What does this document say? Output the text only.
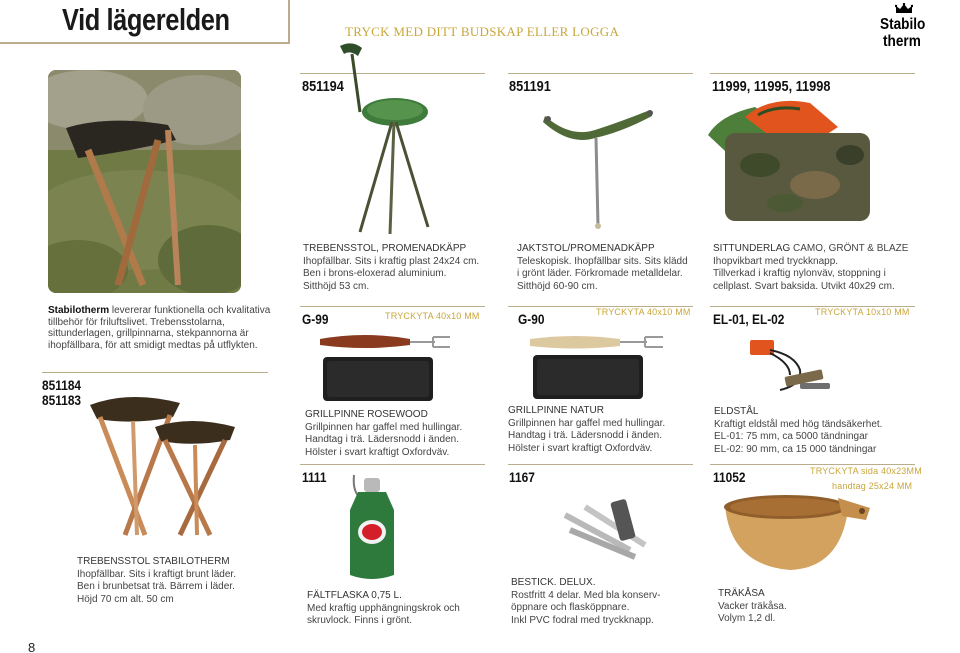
Vid lägerelden	TRYCK MED DITT BUDSKAP ELLER LOGGA	Stabilo
therm
Stabilotherm levererar funktionella och kvalitativa tillbehör för friluftslivet. Trebensstolarna, sittunderlagen, grillpinnarna, stekpannorna är ihopfällbara, för att smidigt medtas på utflykten.
851184
851183
TREBENSSTOL STABILOTHERM
Ihopfällbar. Sits i kraftigt brunt läder.
Ben i brunbetsat trä. Bärrem i läder.
Höjd 70 cm alt. 50 cm
851194
TREBENSSTOL, PROMENADKÄPP
Ihopfällbar. Sits i kraftig plast 24x24 cm.
Ben i brons-eloxerad aluminium.
Sitthöjd 53 cm.
G-99	TRYCKYTA 40x10 MM
GRILLPINNE ROSEWOOD
Grillpinnen har gaffel med hullingar.
Handtag i trä. Lädersnodd i änden.
Hölster i svart kraftigt Oxfordväv.
1111
FÄLTFLASKA 0,75 L.
Med kraftig upphängningskrok och
skruvlock. Finns i grönt.
851191
JAKTSTOL/PROMENADKÄPP
Teleskopisk. Ihopfällbar sits. Sits klädd
i grönt läder. Förkromade metalldelar.
Sitthöjd 60-90 cm.
G-90	TRYCKYTA 40x10 MM
GRILLPINNE NATUR
Grillpinnen har gaffel med hullingar.
Handtag i trä. Lädersnodd i änden.
Hölster i svart kraftigt Oxfordväv.
1167
BESTICK. DELUX.
Rostfritt 4 delar. Med bla konserv-
öppnare och flasköppnare.
Inkl PVC fodral med tryckknapp.
11999, 11995, 11998
SITTUNDERLAG CAMO, GRÖNT & BLAZE
Ihopvikbart med tryckknapp.
Tillverkad i kraftig nylonväv, stoppning i
cellplast. Svart baksida. Utvikt 40x29 cm.
EL-01, EL-02	TRYCKYTA 10x10 MM
ELDSTÅL
Kraftigt eldstål med hög tändsäkerhet.
EL-01: 75 mm, ca 5000 tändningar
EL-02: 90 mm, ca 15 000 tändningar
11052	TRYCKYTA sida 40x23MM
handtag 25x24 MM
TRÄKÅSA
Vacker träkåsa.
Volym 1,2 dl.
8
